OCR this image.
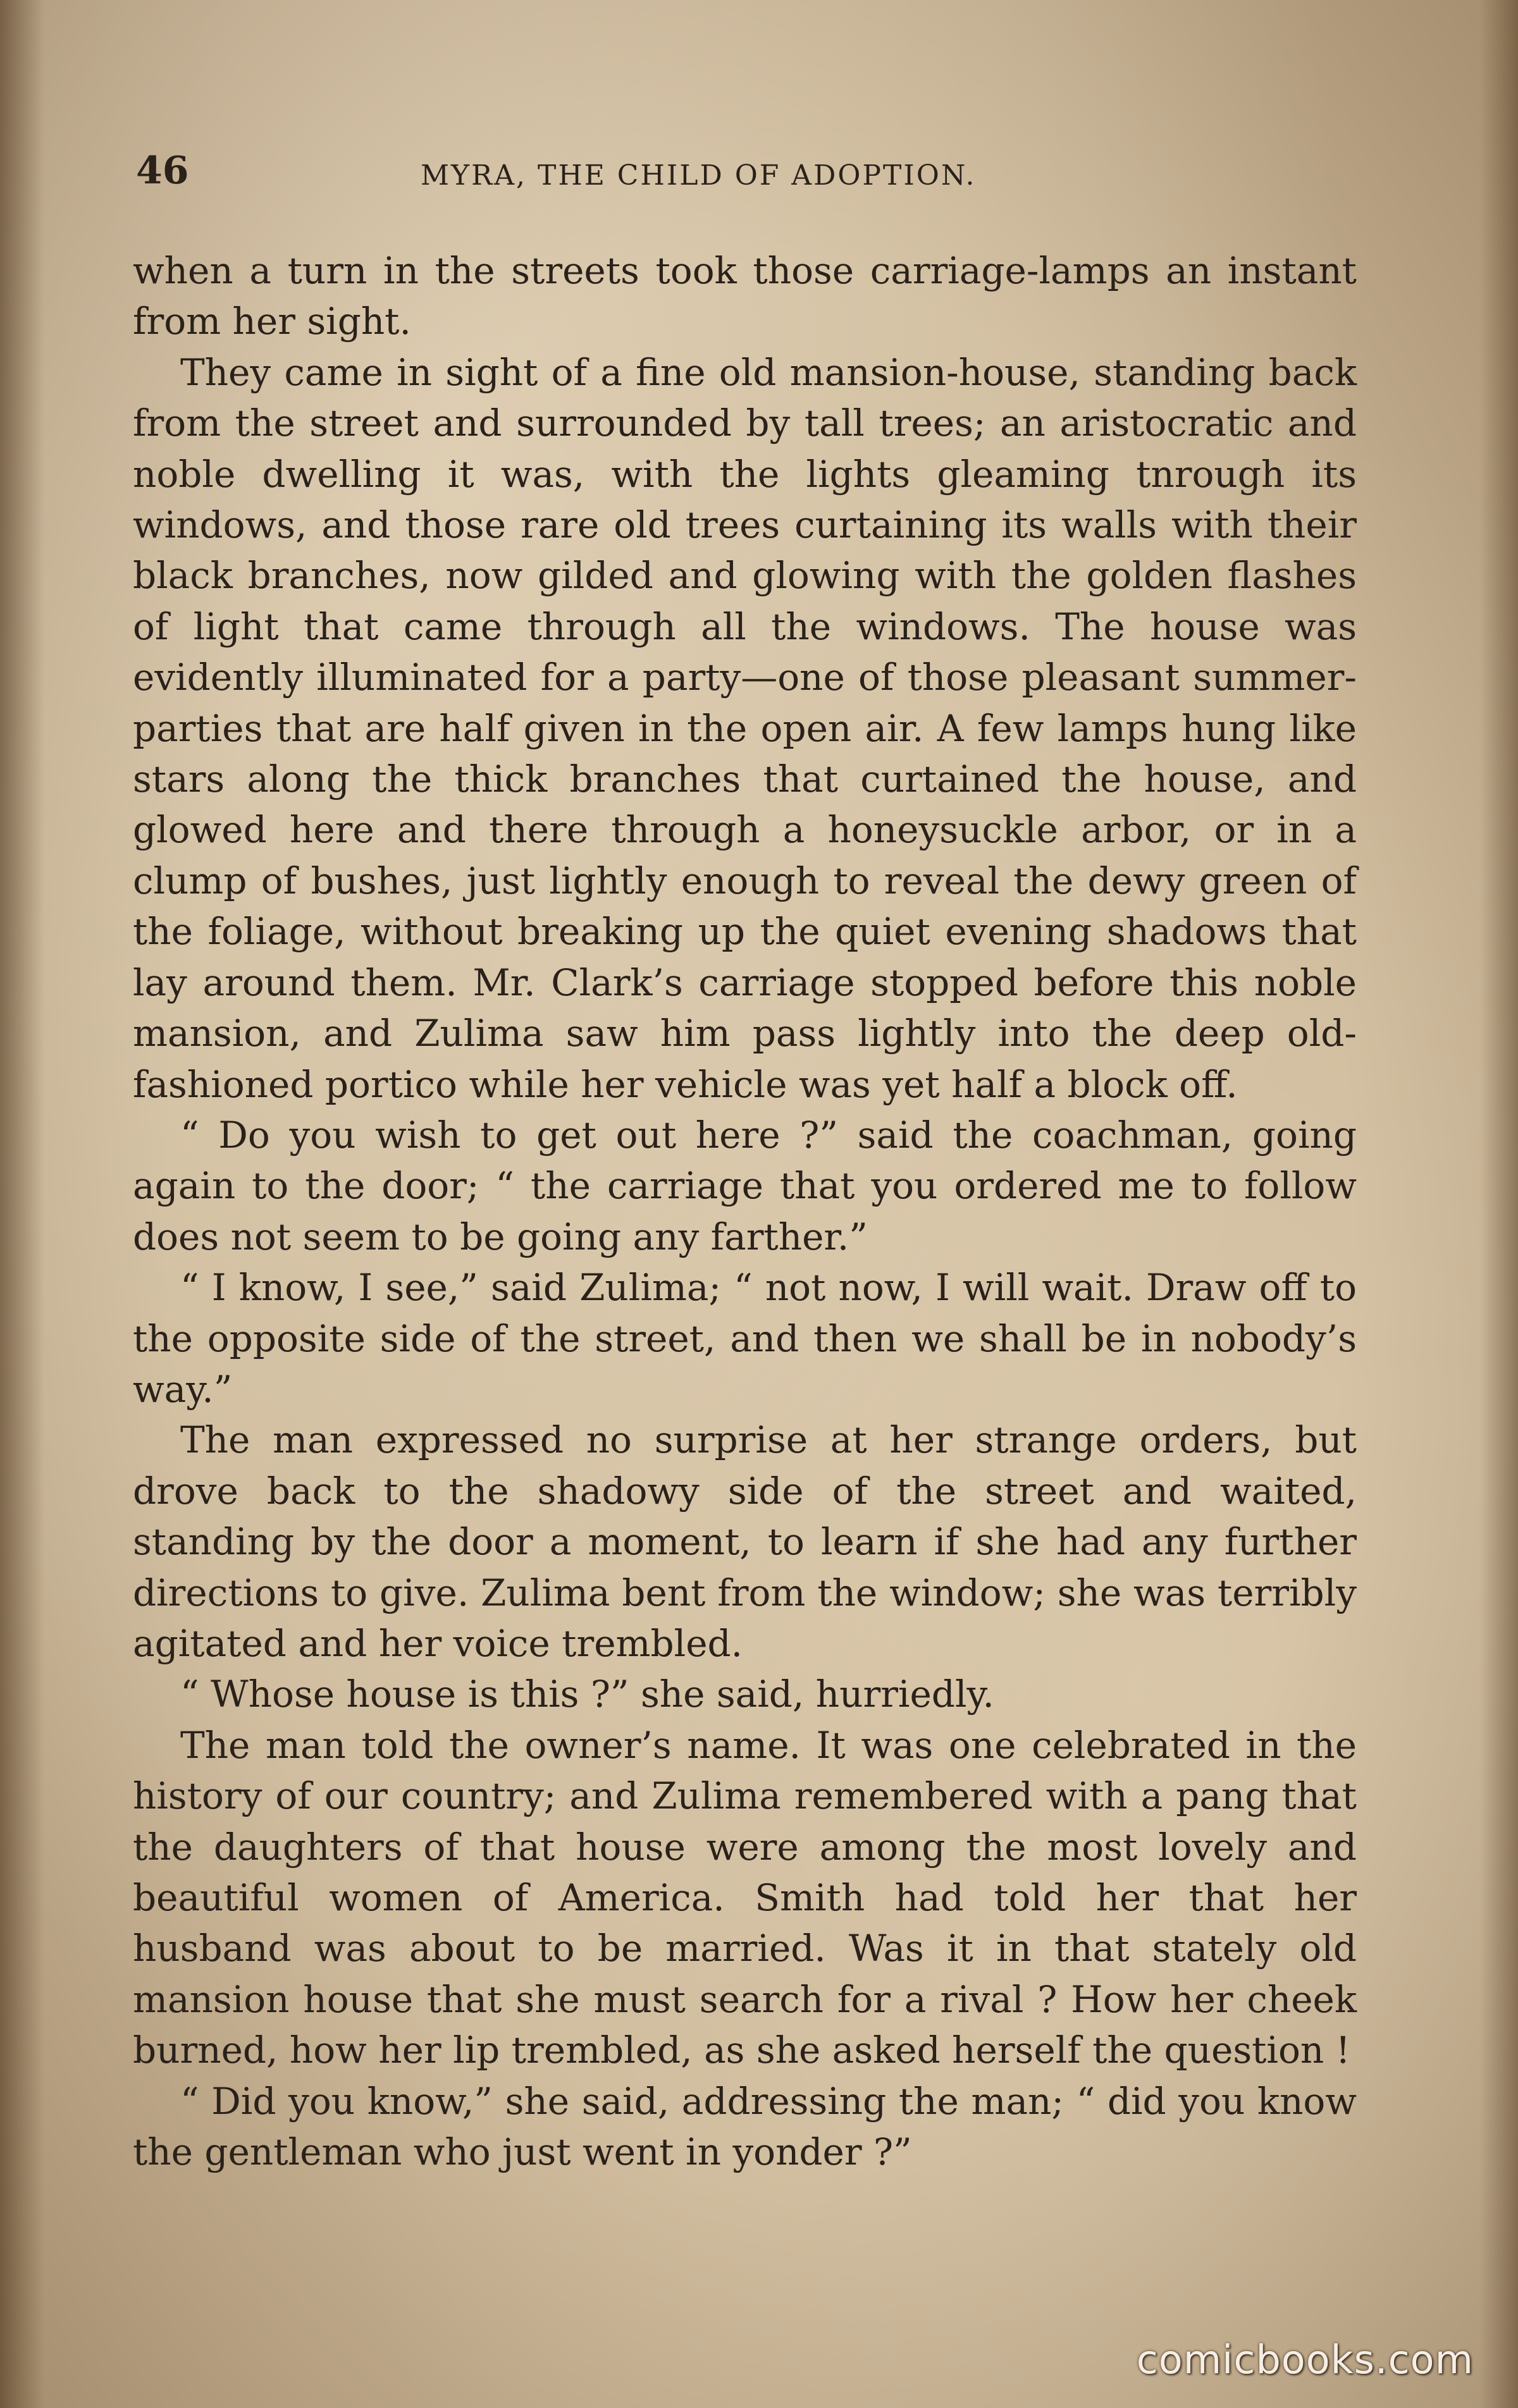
46	MYRA, THE CHILD OF ADOPTION.

when a turn in the streets took those carriage-lamps an instant from her sight.

They came in sight of a fine old mansion-house, standing back from the street and surrounded by tall trees; an aristocratic and noble dwelling it was, with the lights gleaming tnrough its windows, and those rare old trees curtaining its walls with their black branches, now gilded and glowing with the golden flashes of light that came through all the windows. The house was evidently illuminated for a party—one of those pleasant summer-parties that are half given in the open air. A few lamps hung like stars along the thick branches that curtained the house, and glowed here and there through a honeysuckle arbor, or in a clump of bushes, just lightly enough to reveal the dewy green of the foliage, without breaking up the quiet evening shadows that lay around them. Mr. Clark’s carriage stopped before this noble mansion, and Zulima saw him pass lightly into the deep old-fashioned portico while her vehicle was yet half a block off.

“ Do you wish to get out here ?” said the coachman, going again to the door; “ the carriage that you ordered me to follow does not seem to be going any farther.”

“ I know, I see,” said Zulima; “ not now, I will wait. Draw off to the opposite side of the street, and then we shall be in nobody’s way.”

The man expressed no surprise at her strange orders, but drove back to the shadowy side of the street and waited, standing by the door a moment, to learn if she had any further directions to give. Zulima bent from the window; she was terribly agitated and her voice trembled.

“ Whose house is this ?” she said, hurriedly.

The man told the owner’s name. It was one celebrated in the history of our country; and Zulima remembered with a pang that the daughters of that house were among the most lovely and beautiful women of America. Smith had told her that her husband was about to be married. Was it in that stately old mansion house that she must search for a rival ? How her cheek burned, how her lip trembled, as she asked herself the question !

“ Did you know,” she said, addressing the man; “ did you know the gentleman who just went in yonder ?”

comicbooks.com
